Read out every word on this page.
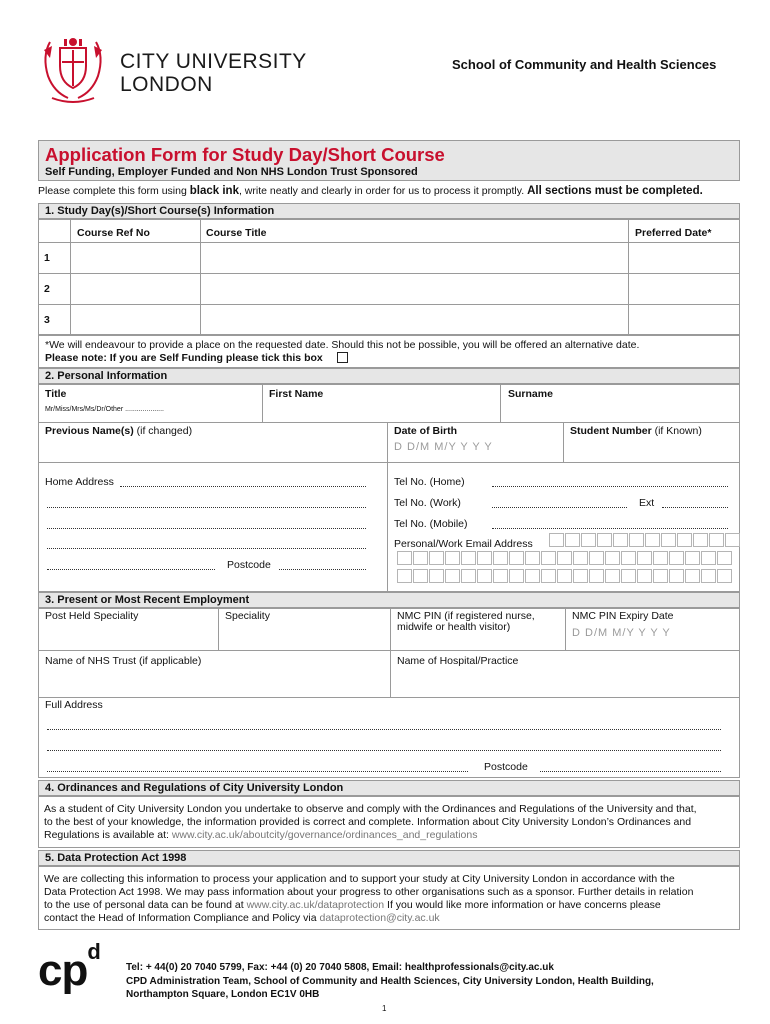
CITY UNIVERSITY
LONDON
School of Community and Health Sciences
Application Form for Study Day/Short Course
Self Funding, Employer Funded and Non NHS London Trust Sponsored
Please complete this form using black ink, write neatly and clearly in order for us to process it promptly. All sections must be completed.
1. Study Day(s)/Short Course(s) Information
Course Ref No	Course Title	Preferred Date*
1
2
3
*We will endeavour to provide a place on the requested date. Should this not be possible, you will be offered an alternative date.
Please note: If you are Self Funding please tick this box
2. Personal Information
Title
Mr/Miss/Mrs/Ms/Dr/Other ....................
First Name	Surname
Previous Name(s) (if changed)	Date of Birth
D D/M M/Y Y Y Y
Student Number (if Known)
Home Address
Postcode
Tel No. (Home)
Tel No. (Work)	Ext
Tel No. (Mobile)
Personal/Work Email Address
3. Present or Most Recent Employment
Post Held Speciality	Speciality	NMC PIN (if registered nurse,
midwife or health visitor)
NMC PIN Expiry Date
D D/M M/Y Y Y Y
Name of NHS Trust (if applicable)	Name of Hospital/Practice
Full Address
Postcode
4. Ordinances and Regulations of City University London
As a student of City University London you undertake to observe and comply with the Ordinances and Regulations of the University and that,
to the best of your knowledge, the information provided is correct and complete. Information about City University London’s Ordinances and
Regulations is available at: www.city.ac.uk/aboutcity/governance/ordinances_and_regulations
5. Data Protection Act 1998
We are collecting this information to process your application and to support your study at City University London in accordance with the
Data Protection Act 1998. We may pass information about your progress to other organisations such as a sponsor. Further details in relation
to the use of personal data can be found at www.city.ac.uk/dataprotection If you would like more information or have concerns please
contact the Head of Information Compliance and Policy via dataprotection@city.ac.uk
$cp^d$
Tel: + 44(0) 20 7040 5799, Fax: +44 (0) 20 7040 5808, Email: healthprofessionals@city.ac.uk
CPD Administration Team, School of Community and Health Sciences, City University London, Health Building,
Northampton Square, London EC1V 0HB
1
